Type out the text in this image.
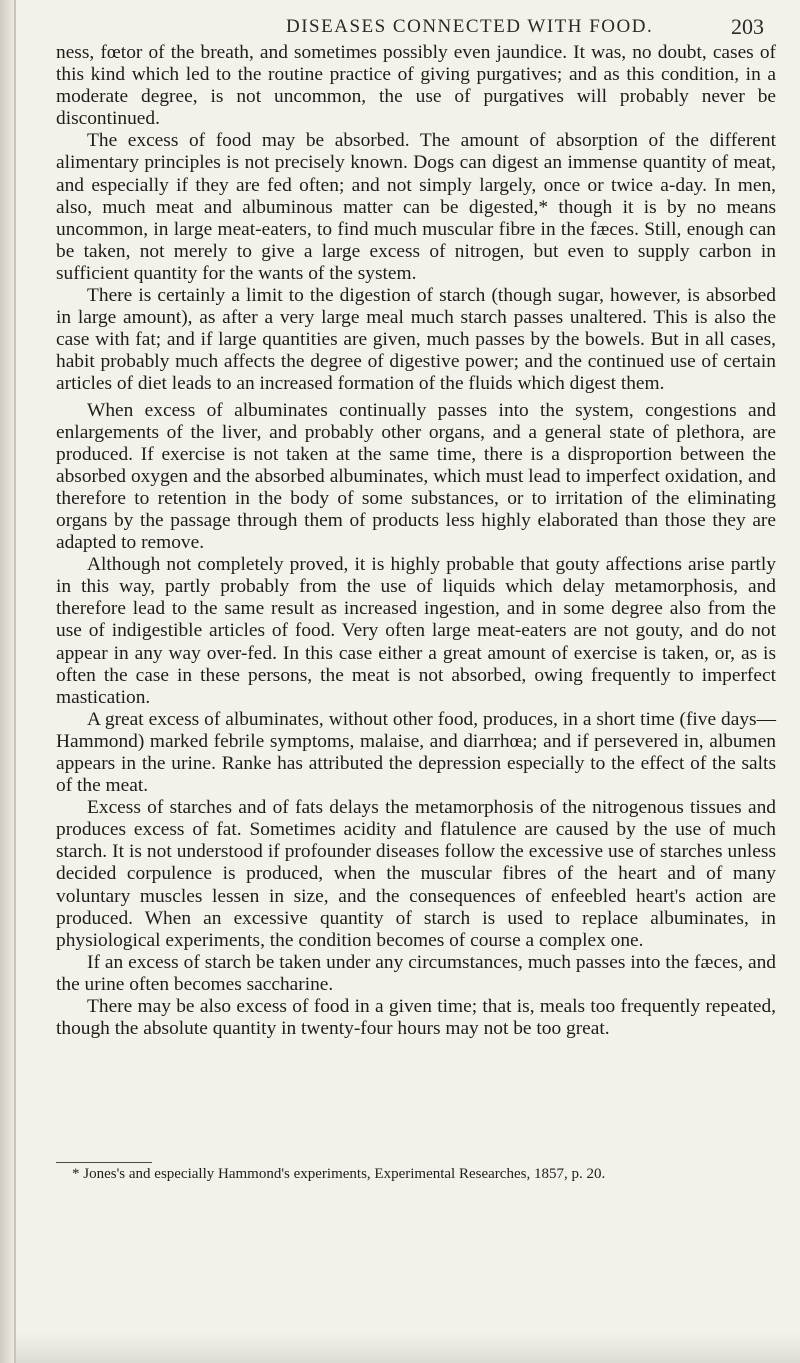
DISEASES CONNECTED WITH FOOD.	203

ness, fœtor of the breath, and sometimes possibly even jaundice. It was, no doubt, cases of this kind which led to the routine practice of giving purgatives; and as this condition, in a moderate degree, is not uncommon, the use of purgatives will probably never be discontinued.

The excess of food may be absorbed. The amount of absorption of the different alimentary principles is not precisely known. Dogs can digest an immense quantity of meat, and especially if they are fed often; and not simply largely, once or twice a-day. In men, also, much meat and albuminous matter can be digested,* though it is by no means uncommon, in large meat-eaters, to find much muscular fibre in the fæces. Still, enough can be taken, not merely to give a large excess of nitrogen, but even to supply carbon in sufficient quantity for the wants of the system.

There is certainly a limit to the digestion of starch (though sugar, however, is absorbed in large amount), as after a very large meal much starch passes unaltered. This is also the case with fat; and if large quantities are given, much passes by the bowels. But in all cases, habit probably much affects the degree of digestive power; and the continued use of certain articles of diet leads to an increased formation of the fluids which digest them.

When excess of albuminates continually passes into the system, congestions and enlargements of the liver, and probably other organs, and a general state of plethora, are produced. If exercise is not taken at the same time, there is a disproportion between the absorbed oxygen and the absorbed albuminates, which must lead to imperfect oxidation, and therefore to retention in the body of some substances, or to irritation of the eliminating organs by the passage through them of products less highly elaborated than those they are adapted to remove.

Although not completely proved, it is highly probable that gouty affections arise partly in this way, partly probably from the use of liquids which delay metamorphosis, and therefore lead to the same result as increased ingestion, and in some degree also from the use of indigestible articles of food. Very often large meat-eaters are not gouty, and do not appear in any way over-fed. In this case either a great amount of exercise is taken, or, as is often the case in these persons, the meat is not absorbed, owing frequently to imperfect mastication.

A great excess of albuminates, without other food, produces, in a short time (five days—Hammond) marked febrile symptoms, malaise, and diarrhœa; and if persevered in, albumen appears in the urine. Ranke has attributed the depression especially to the effect of the salts of the meat.

Excess of starches and of fats delays the metamorphosis of the nitrogenous tissues and produces excess of fat. Sometimes acidity and flatulence are caused by the use of much starch. It is not understood if profounder diseases follow the excessive use of starches unless decided corpulence is produced, when the muscular fibres of the heart and of many voluntary muscles lessen in size, and the consequences of enfeebled heart's action are produced. When an excessive quantity of starch is used to replace albuminates, in physiological experiments, the condition becomes of course a complex one.

If an excess of starch be taken under any circumstances, much passes into the fæces, and the urine often becomes saccharine.

There may be also excess of food in a given time; that is, meals too frequently repeated, though the absolute quantity in twenty-four hours may not be too great.

* Jones's and especially Hammond's experiments, Experimental Researches, 1857, p. 20.
